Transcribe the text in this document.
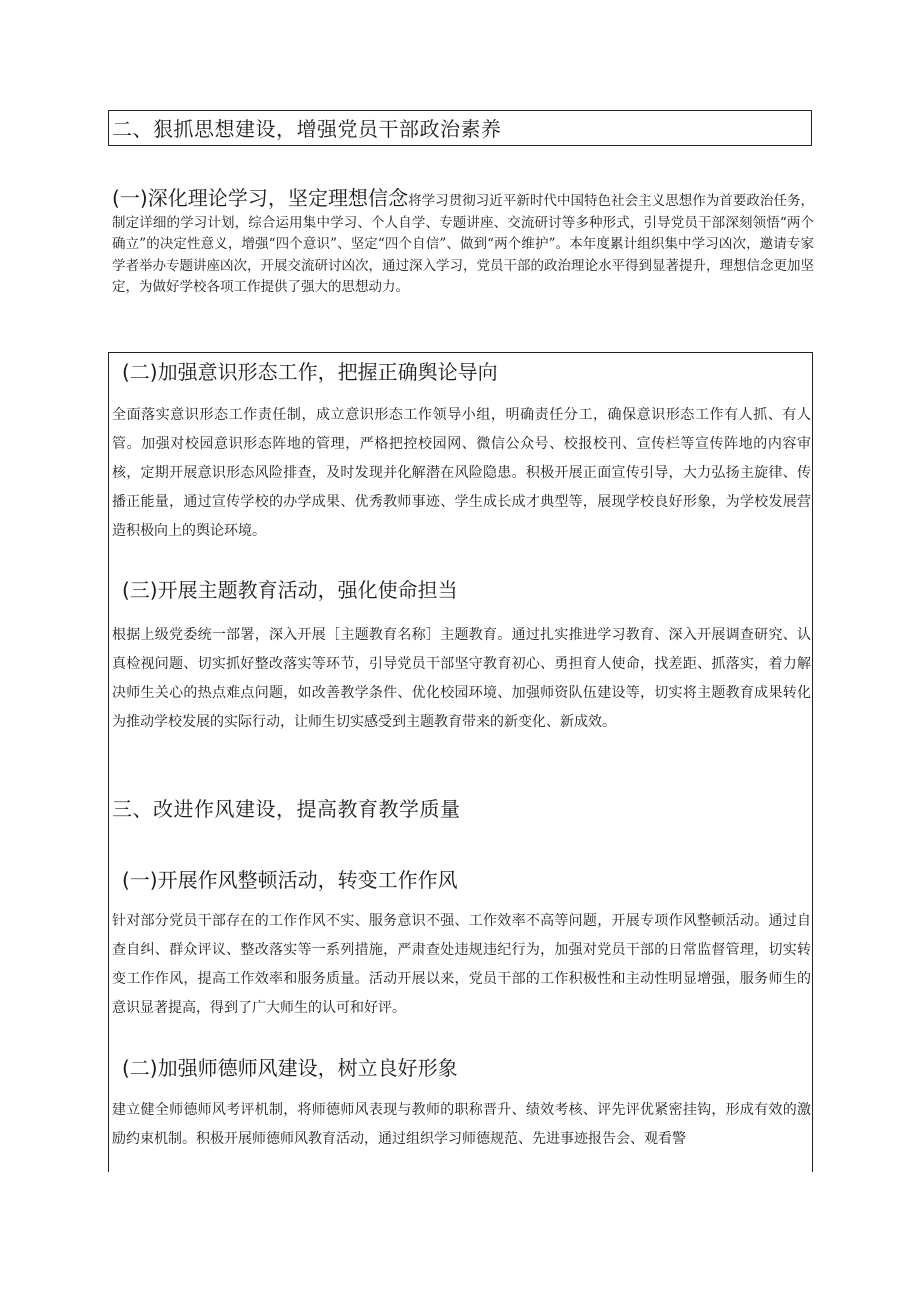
二、狠抓思想建设，增强党员干部政治素养
(一)深化理论学习，坚定理想信念将学习贯彻习近平新时代中国特色社会主义思想作为首要政治任务，制定详细的学习计划，综合运用集中学习、个人自学、专题讲座、交流研讨等多种形式，引导党员干部深刻领悟“两个确立”的决定性意义，增强“四个意识”、坚定“四个自信”、做到“两个维护”。本年度累计组织集中学习凶次，邀请专家学者举办专题讲座凶次，开展交流研讨凶次，通过深入学习，党员干部的政治理论水平得到显著提升，理想信念更加坚定，为做好学校各项工作提供了强大的思想动力。
(二)加强意识形态工作，把握正确舆论导向
全面落实意识形态工作责任制，成立意识形态工作领导小组，明确责任分工，确保意识形态工作有人抓、有人管。加强对校园意识形态阵地的管理，严格把控校园网、微信公众号、校报校刊、宣传栏等宣传阵地的内容审核，定期开展意识形态风险排查，及时发现并化解潜在风险隐患。积极开展正面宣传引导，大力弘扬主旋律、传播正能量，通过宣传学校的办学成果、优秀教师事迹、学生成长成才典型等，展现学校良好形象，为学校发展营造积极向上的舆论环境。
(三)开展主题教育活动，强化使命担当
根据上级党委统一部署，深入开展［主题教育名称］主题教育。通过扎实推进学习教育、深入开展调查研究、认真检视问题、切实抓好整改落实等环节，引导党员干部坚守教育初心、勇担育人使命，找差距、抓落实，着力解决师生关心的热点难点问题，如改善教学条件、优化校园环境、加强师资队伍建设等，切实将主题教育成果转化为推动学校发展的实际行动，让师生切实感受到主题教育带来的新变化、新成效。
三、改进作风建设，提高教育教学质量
(一)开展作风整顿活动，转变工作作风
针对部分党员干部存在的工作作风不实、服务意识不强、工作效率不高等问题，开展专项作风整顿活动。通过自查自纠、群众评议、整改落实等一系列措施，严肃查处违规违纪行为，加强对党员干部的日常监督管理，切实转变工作作风，提高工作效率和服务质量。活动开展以来，党员干部的工作积极性和主动性明显增强，服务师生的意识显著提高，得到了广大师生的认可和好评。
(二)加强师德师风建设，树立良好形象
建立健全师德师风考评机制，将师德师风表现与教师的职称晋升、绩效考核、评先评优紧密挂钩，形成有效的激励约束机制。积极开展师德师风教育活动，通过组织学习师德规范、先进事迹报告会、观看警
